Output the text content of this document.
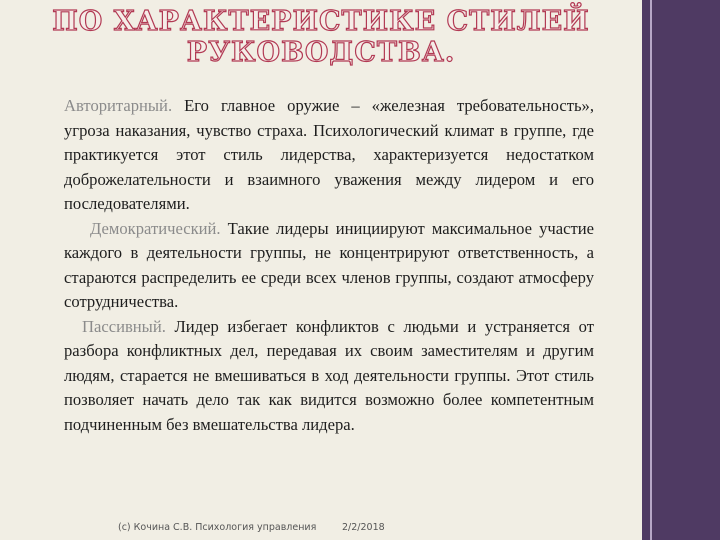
ПО ХАРАКТЕРИСТИКЕ СТИЛЕЙ
РУКОВОДСТВА.

Авторитарный. Его главное оружие – «железная требовательность», угроза наказания, чувство страха. Психологический климат в группе, где практикуется этот стиль лидерства, характеризуется недостатком доброжелательности и взаимного уважения между лидером и его последователями.

Демократический. Такие лидеры инициируют максимальное участие каждого в деятельности группы, не концентрируют ответственность, а стараются распределить ее среди всех членов группы, создают атмосферу сотрудничества.

Пассивный. Лидер избегает конфликтов с людьми и устраняется от разбора конфликтных дел, передавая их своим заместителям и другим людям, старается не вмешиваться в ход деятельности группы. Этот стиль позволяет начать дело так как видится возможно более компетентным подчиненным без вмешательства лидера.

(с) Кочина С.В. Психология управления	2/2/2018
